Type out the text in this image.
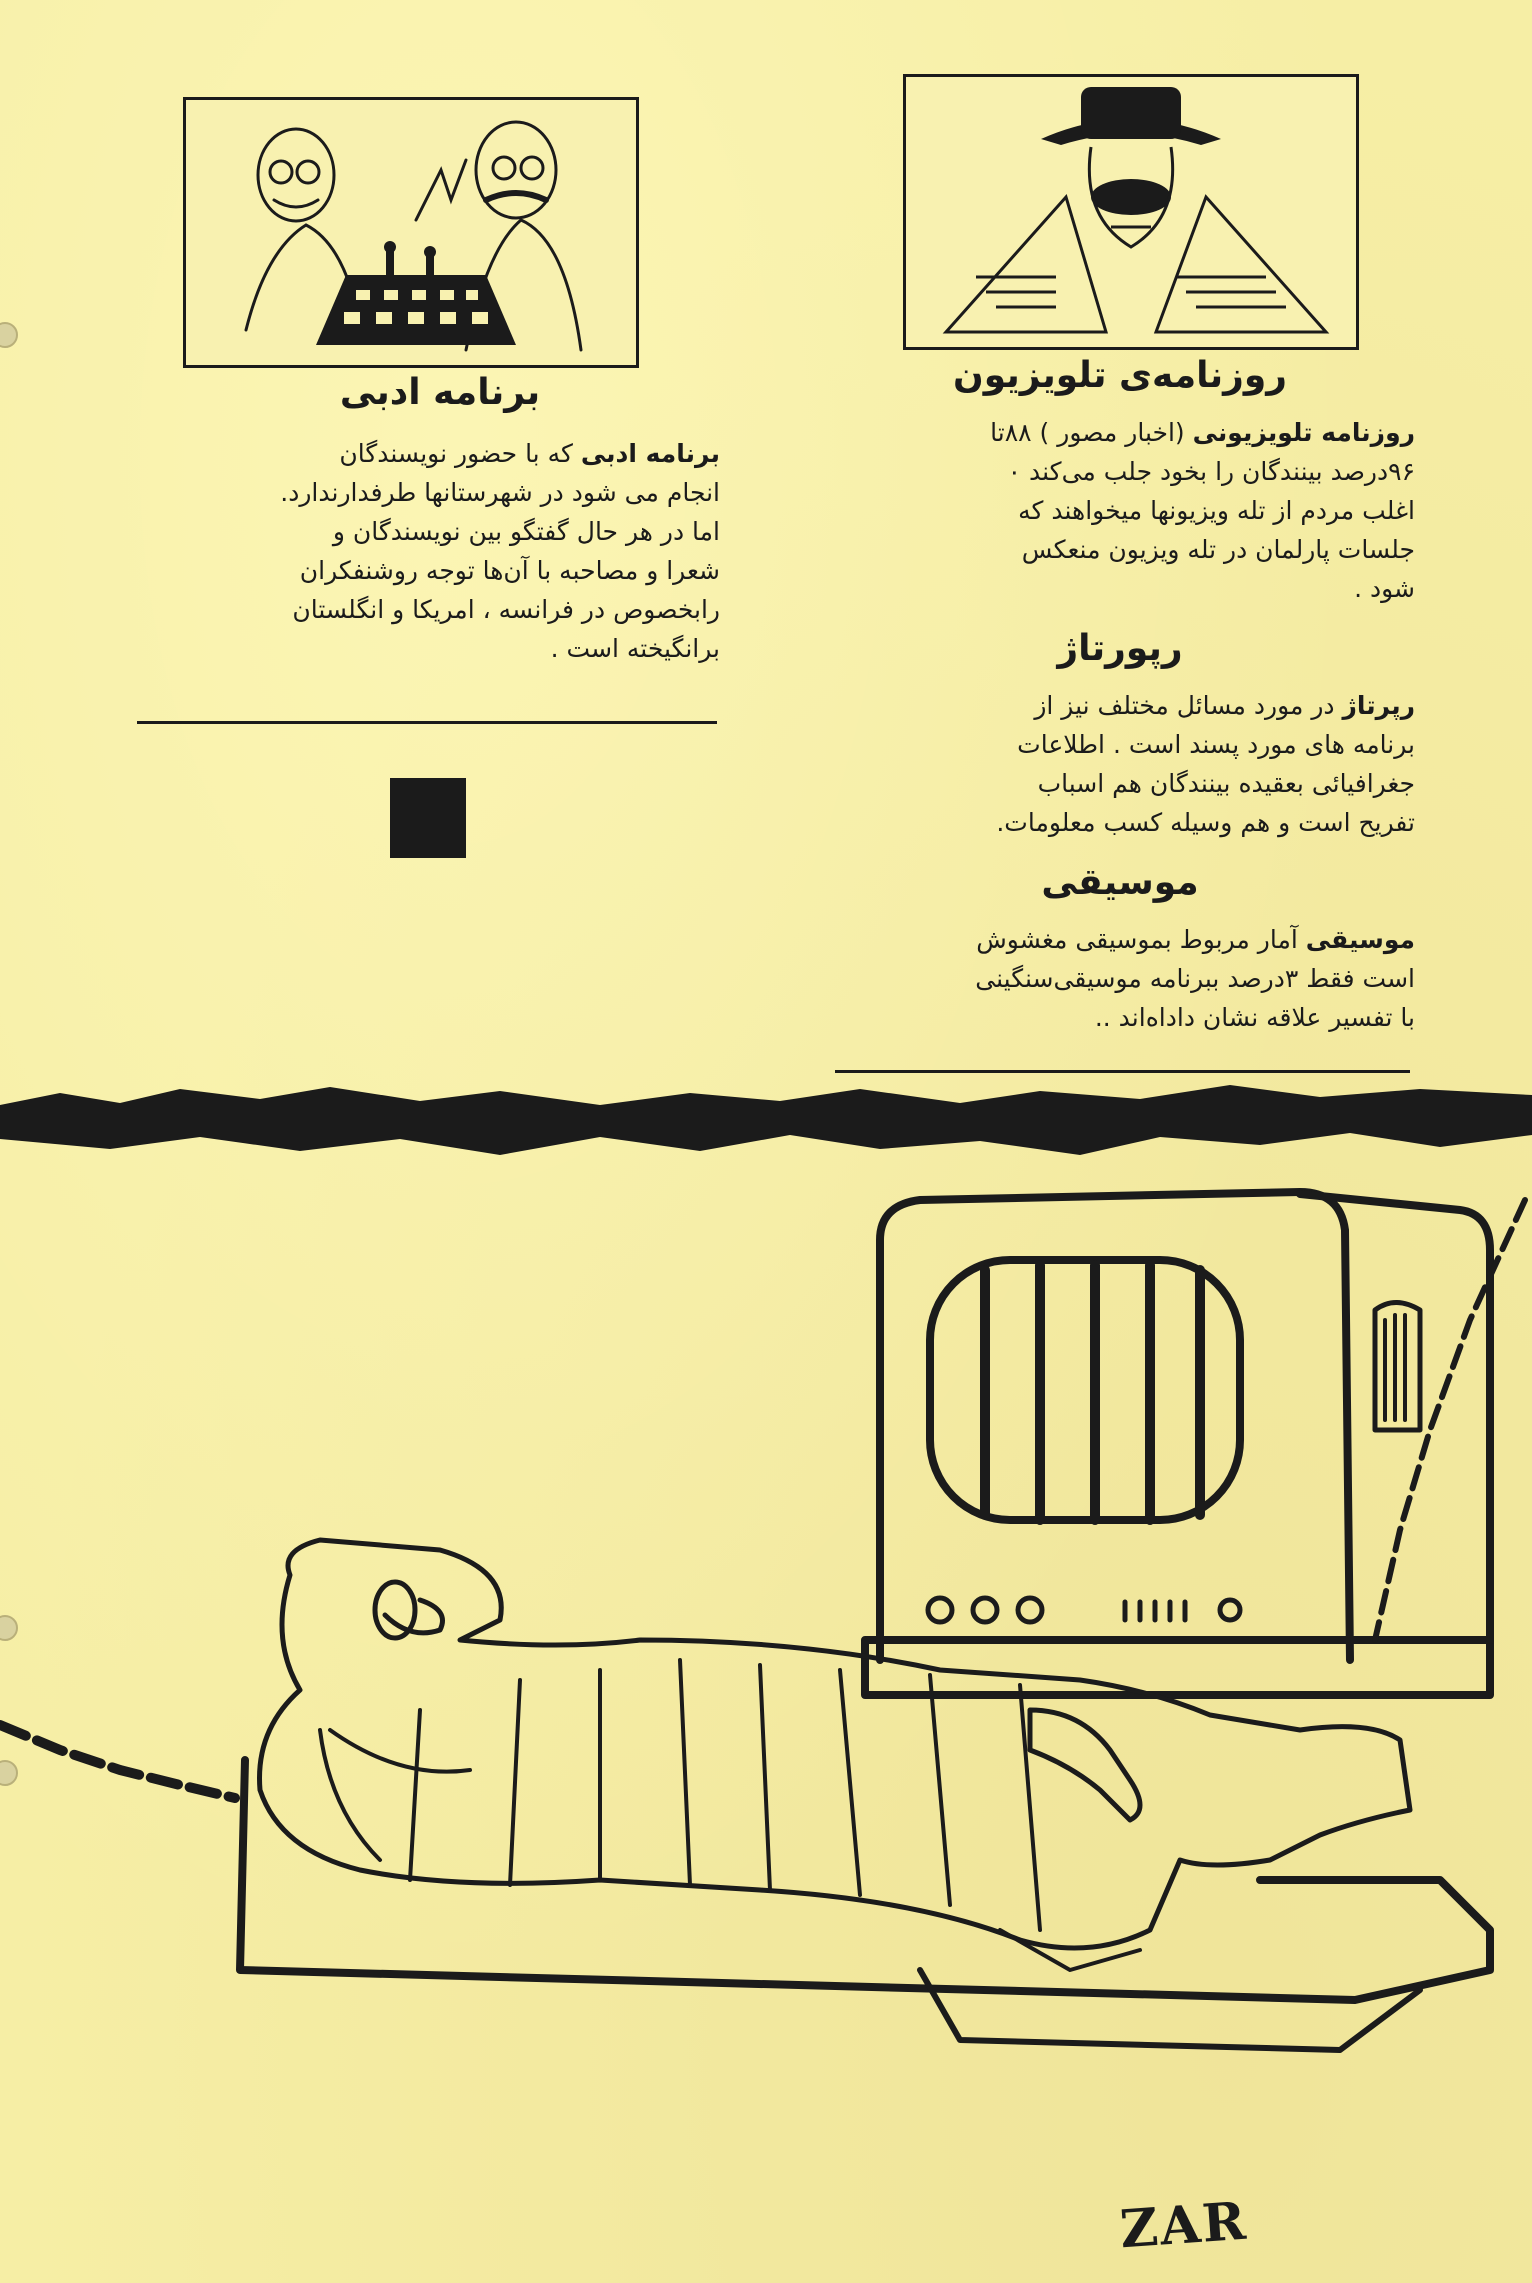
برنامه ادبی
برنامه ادبی که با حضور نویسندگان
انجام می شود در شهرستانها طرفدارندارد.
اما در هر حال گفتگو بین نویسندگان و
شعرا و مصاحبه با آن‌ها توجه روشنفکران
رابخصوص در فرانسه ، امریکا و انگلستان
برانگیخته است .
روزنامه‌ی تلویزیون
روزنامه تلویزیونی (اخبار مصور ) ۸۸تا
۹۶درصد بینندگان را بخود جلب می‌کند ۰
اغلب مردم از تله ویزیونها میخواهند که
جلسات پارلمان در تله ویزیون منعکس
شود .
رپورتاژ
رپرتاژ در مورد مسائل مختلف نیز از
برنامه های مورد پسند است . اطلاعات
جغرافیائی بعقیده بینندگان هم اسباب
تفریح است و هم وسیله کسب معلومات.
موسیقی
موسیقی آمار مربوط بموسیقی مغشوش
است فقط ۳درصد ببرنامه موسیقی‌سنگینی
با تفسیر علاقه نشان داداه‌اند ..
ZAR
